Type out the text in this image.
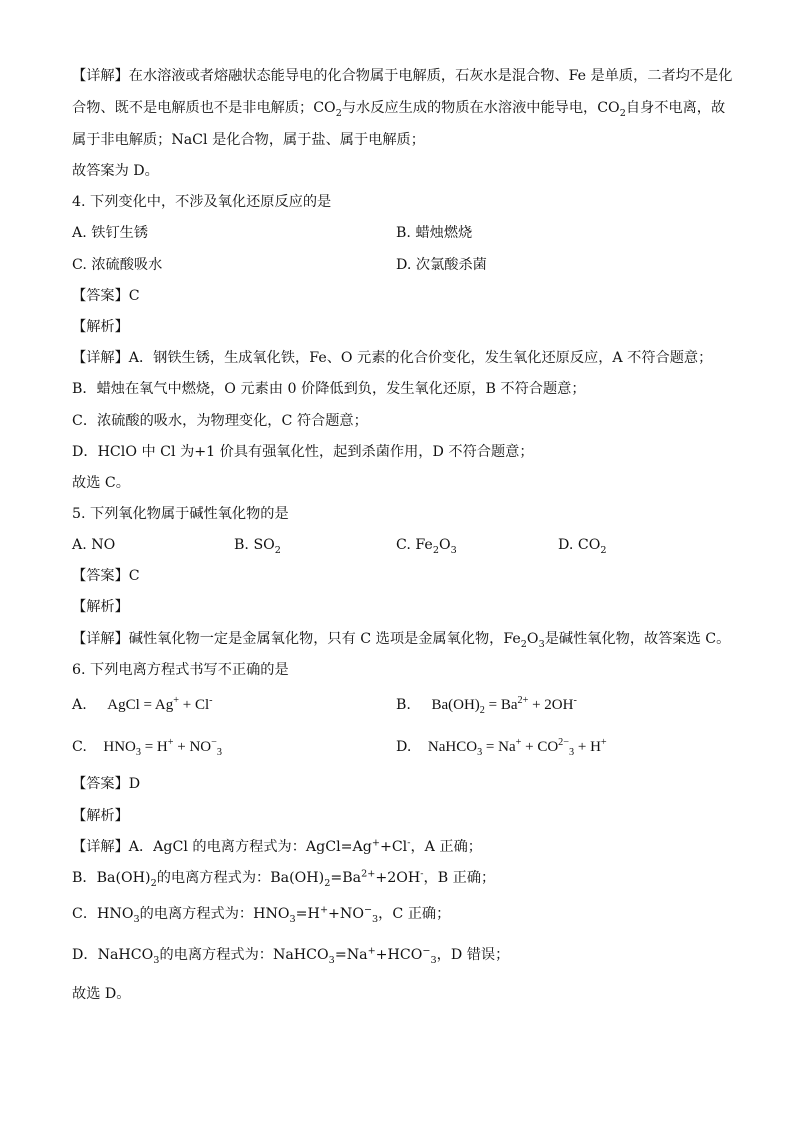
【详解】在水溶液或者熔融状态能导电的化合物属于电解质，石灰水是混合物、Fe 是单质，二者均不是化
合物、既不是电解质也不是非电解质；$CO_2$与水反应生成的物质在水溶液中能导电，$CO_2$自身不电离，故
属于非电解质；NaCl 是化合物，属于盐、属于电解质；
故答案为 D。
4. 下列变化中，不涉及氧化还原反应的是
A. 铁钉生锈	B. 蜡烛燃烧
C. 浓硫酸吸水	D. 次氯酸杀菌
【答案】C
【解析】
【详解】A．钢铁生锈，生成氧化铁，Fe、O 元素的化合价变化，发生氧化还原反应，A 不符合题意；
B．蜡烛在氧气中燃烧，O 元素由 0 价降低到负，发生氧化还原，B 不符合题意；
C．浓硫酸的吸水，为物理变化，C 符合题意；
D．HClO 中 Cl 为+1 价具有强氧化性，起到杀菌作用，D 不符合题意；
故选 C。
5. 下列氧化物属于碱性氧化物的是
A. NO	B. $SO_2$	C. $Fe_2O_3$	D. $CO_2$
【答案】C
【解析】
【详解】碱性氧化物一定是金属氧化物，只有 C 选项是金属氧化物，$Fe_2O_3$是碱性氧化物，故答案选 C。
6. 下列电离方程式书写不正确的是
A. AgCl = Ag+ + Cl-	B. $Ba(OH)_2 = Ba^{2+} + 2OH^-$
C. $HNO_3 = H^+ + NO^-_3$	D. NaHCO$_3$ = $Na^+ + CO^{2-}_3 + H^+$
【答案】D
【解析】
【详解】A．AgCl 的电离方程式为：AgCl=Ag++Cl-，A 正确；
B．$Ba(OH)_2$的电离方程式为：$Ba(OH)_2=Ba^{2+}+2OH^-$，B 正确；
C．$HNO_3$的电离方程式为：$HNO_3=H^++NO^-_3$，C 正确；
D．NaHCO$_3$的电离方程式为：$NaHCO_3=Na^++HCO^-_3$，D 错误；
故选 D。
